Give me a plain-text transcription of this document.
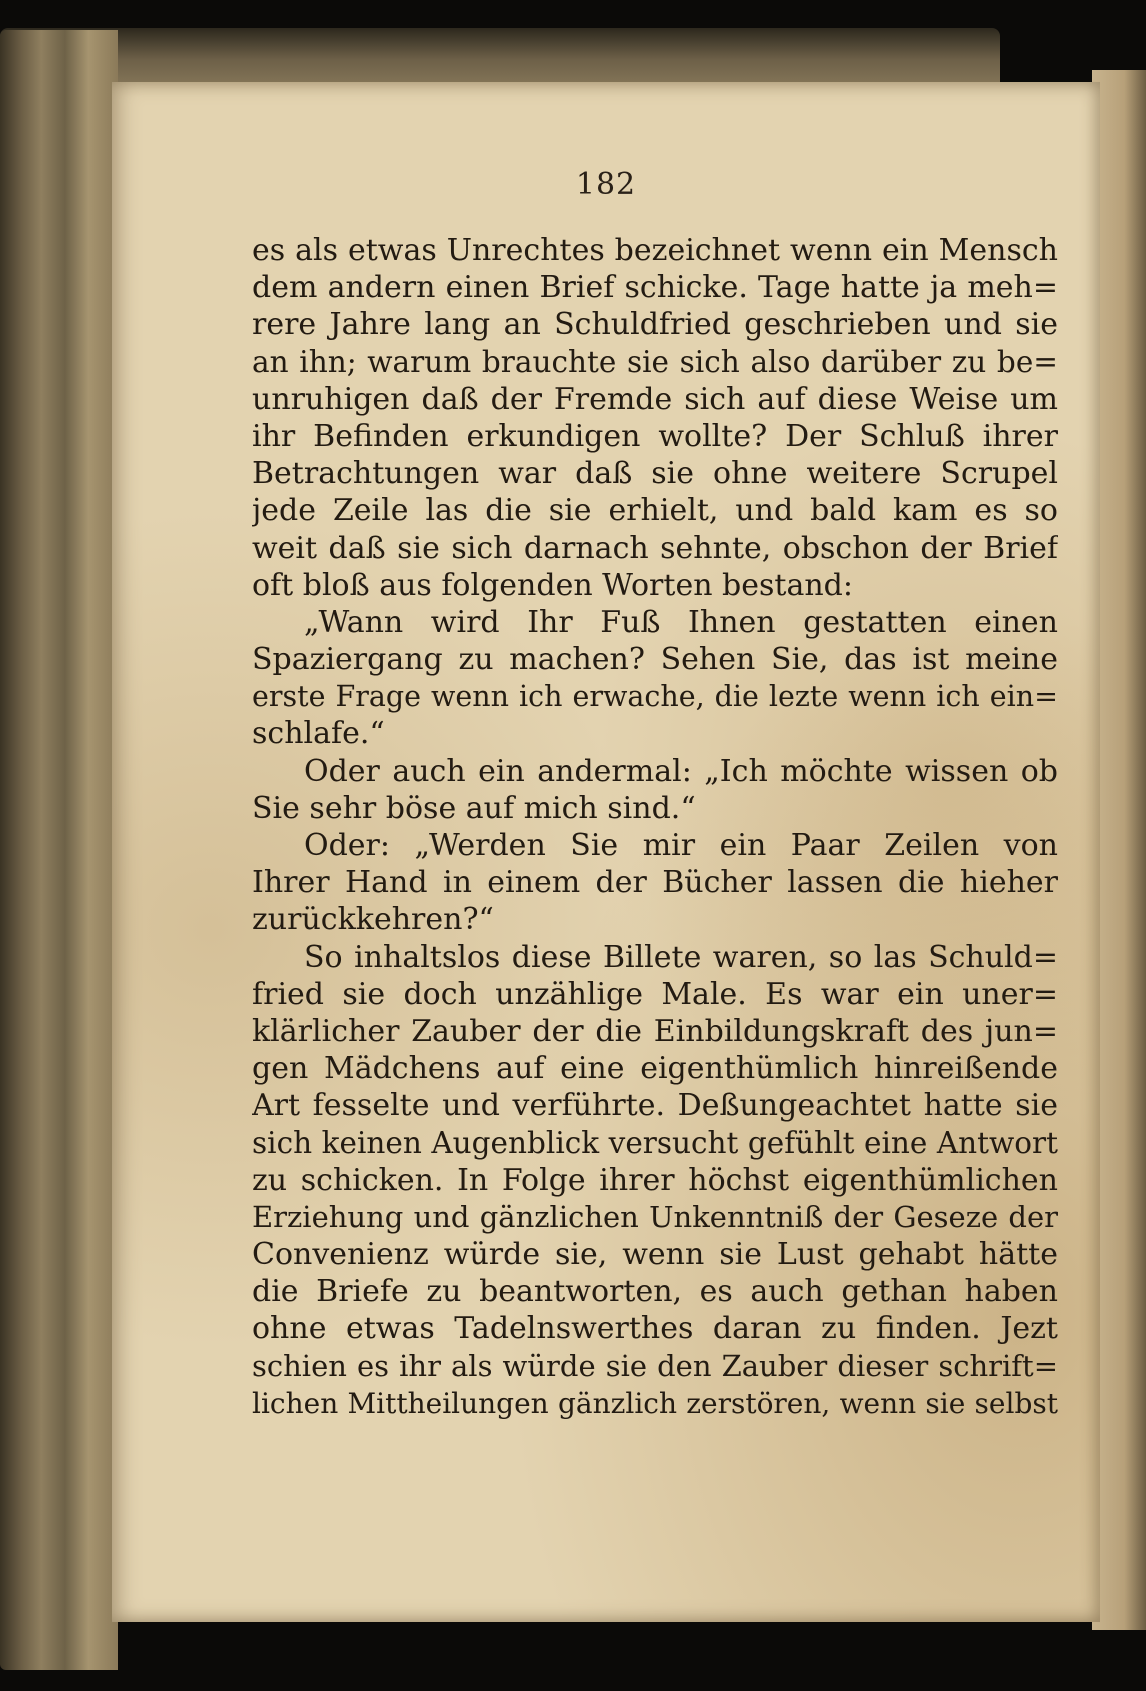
182
es als etwas Unrechtes bezeichnet wenn ein Mensch
dem andern einen Brief schicke. Tage hatte ja meh=
rere Jahre lang an Schuldfried geschrieben und sie
an ihn; warum brauchte sie sich also darüber zu be=
unruhigen daß der Fremde sich auf diese Weise um
ihr Befinden erkundigen wollte? Der Schluß ihrer
Betrachtungen war daß sie ohne weitere Scrupel
jede Zeile las die sie erhielt, und bald kam es so
weit daß sie sich darnach sehnte, obschon der Brief
oft bloß aus folgenden Worten bestand:
„Wann wird Ihr Fuß Ihnen gestatten einen
Spaziergang zu machen? Sehen Sie, das ist meine
erste Frage wenn ich erwache, die lezte wenn ich ein=
schlafe.“
Oder auch ein andermal: „Ich möchte wissen ob
Sie sehr böse auf mich sind.“
Oder: „Werden Sie mir ein Paar Zeilen von
Ihrer Hand in einem der Bücher lassen die hieher
zurückkehren?“
So inhaltslos diese Billete waren, so las Schuld=
fried sie doch unzählige Male. Es war ein uner=
klärlicher Zauber der die Einbildungskraft des jun=
gen Mädchens auf eine eigenthümlich hinreißende
Art fesselte und verführte. Deßungeachtet hatte sie
sich keinen Augenblick versucht gefühlt eine Antwort
zu schicken. In Folge ihrer höchst eigenthümlichen
Erziehung und gänzlichen Unkenntniß der Geseze der
Convenienz würde sie, wenn sie Lust gehabt hätte
die Briefe zu beantworten, es auch gethan haben
ohne etwas Tadelnswerthes daran zu finden. Jezt
schien es ihr als würde sie den Zauber dieser schrift=
lichen Mittheilungen gänzlich zerstören, wenn sie selbst
